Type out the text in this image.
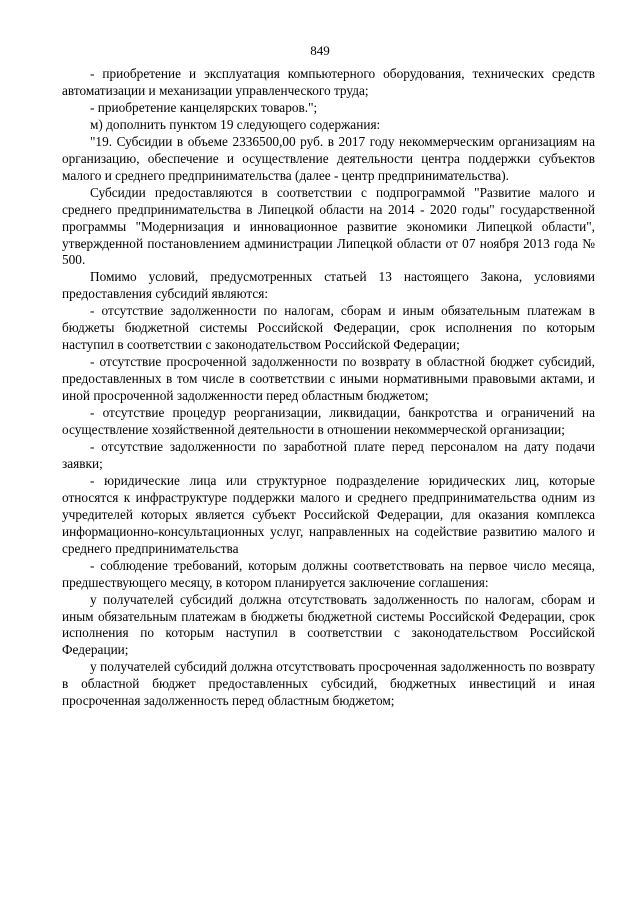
849

- приобретение и эксплуатация компьютерного оборудования, технических средств автоматизации и механизации управленческого труда;

- приобретение канцелярских товаров.";

м) дополнить пунктом 19 следующего содержания:

"19. Субсидии в объеме 2336500,00 руб. в 2017 году некоммерческим организациям на организацию, обеспечение и осуществление деятельности центра поддержки субъектов малого и среднего предпринимательства (далее - центр предпринимательства).

Субсидии предоставляются в соответствии с подпрограммой "Развитие малого и среднего предпринимательства в Липецкой области на 2014 - 2020 годы" государственной программы "Модернизация и инновационное развитие экономики Липецкой области", утвержденной постановлением администрации Липецкой области от 07 ноября 2013 года № 500.

Помимо условий, предусмотренных статьей 13 настоящего Закона, условиями предоставления субсидий являются:

- отсутствие задолженности по налогам, сборам и иным обязательным платежам в бюджеты бюджетной системы Российской Федерации, срок исполнения по которым наступил в соответствии с законодательством Российской Федерации;

- отсутствие просроченной задолженности по возврату в областной бюджет субсидий, предоставленных в том числе в соответствии с иными нормативными правовыми актами, и иной просроченной задолженности перед областным бюджетом;

- отсутствие процедур реорганизации, ликвидации, банкротства и ограничений на осуществление хозяйственной деятельности в отношении некоммерческой организации;

- отсутствие задолженности по заработной плате перед персоналом на дату подачи заявки;

- юридические лица или структурное подразделение юридических лиц, которые относятся к инфраструктуре поддержки малого и среднего предпринимательства одним из учредителей которых является субъект Российской Федерации, для оказания комплекса информационно-консультационных услуг, направленных на содействие развитию малого и среднего предпринимательства

- соблюдение требований, которым должны соответствовать на первое число месяца, предшествующего месяцу, в котором планируется заключение соглашения:

у получателей субсидий должна отсутствовать задолженность по налогам, сборам и иным обязательным платежам в бюджеты бюджетной системы Российской Федерации, срок исполнения по которым наступил в соответствии с законодательством Российской Федерации;

у получателей субсидий должна отсутствовать просроченная задолженность по возврату в областной бюджет предоставленных субсидий, бюджетных инвестиций и иная просроченная задолженность перед областным бюджетом;
